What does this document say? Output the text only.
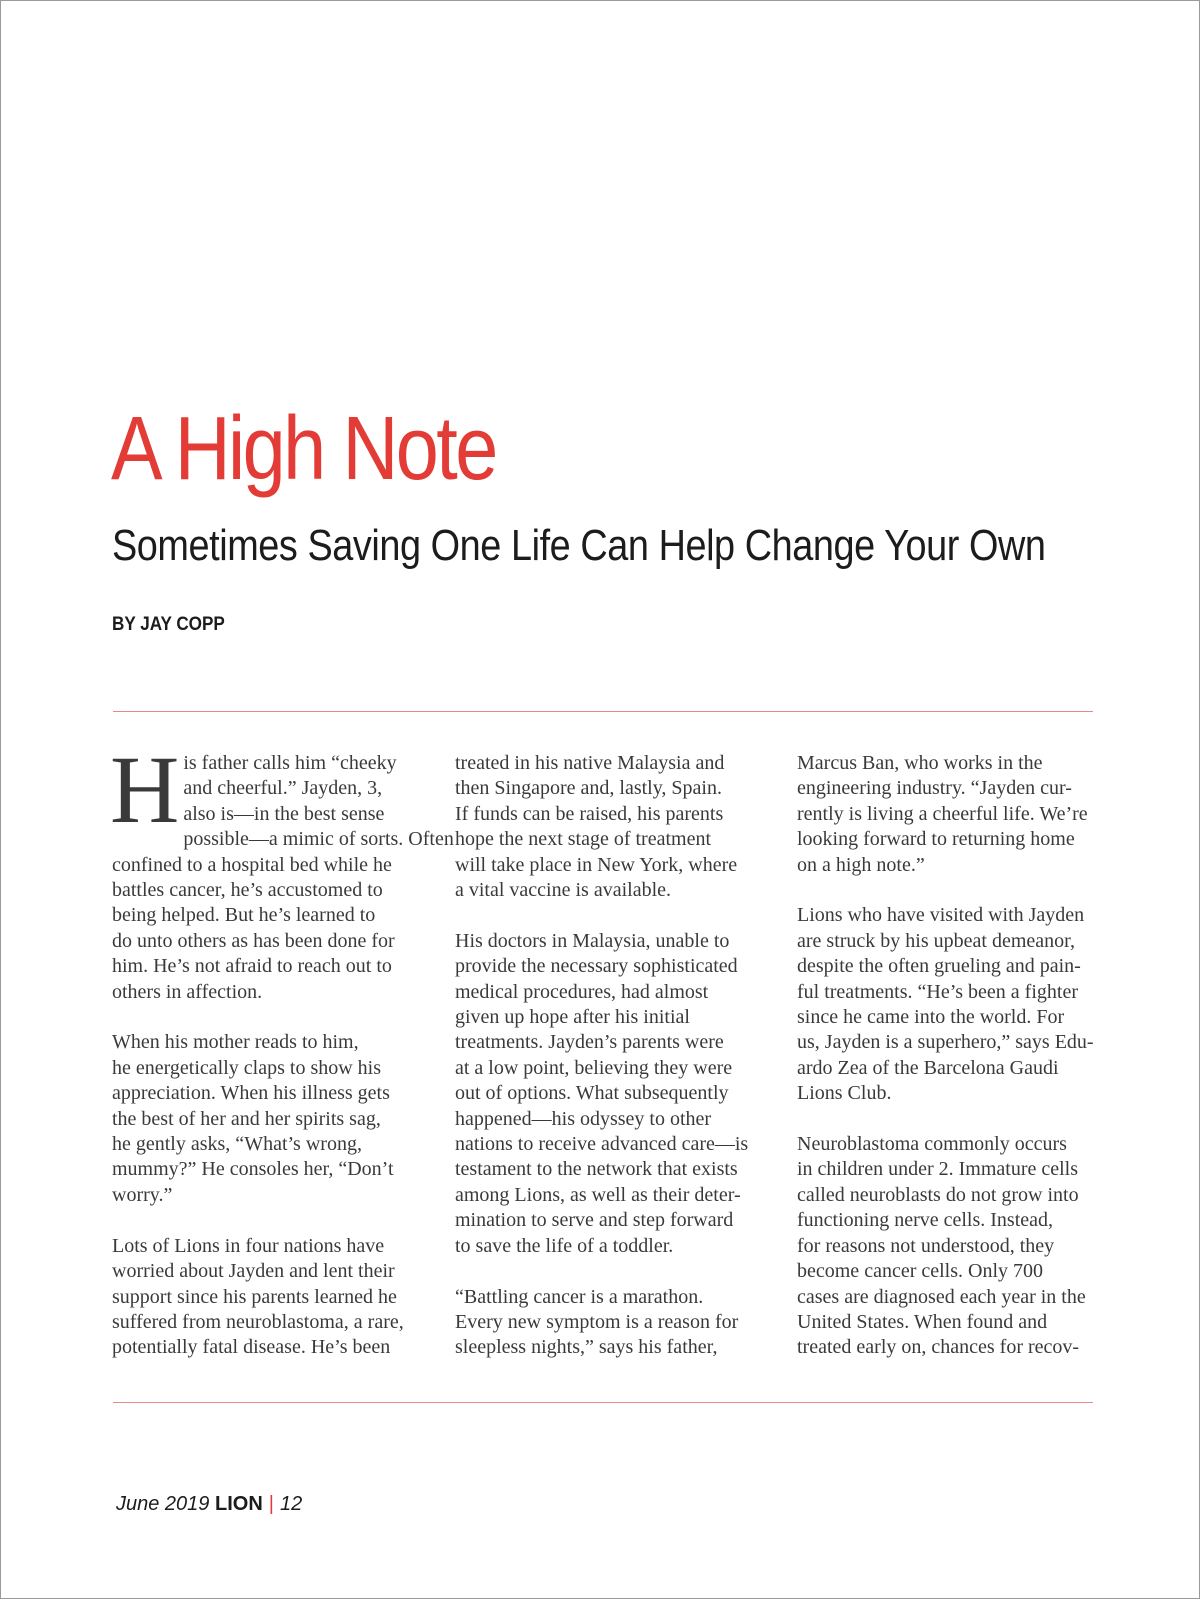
A High Note
Sometimes Saving One Life Can Help Change Your Own
BY JAY COPP

H is father calls him “cheeky
and cheerful.” Jayden, 3,
also is—in the best sense
possible—a mimic of sorts. Often
confined to a hospital bed while he
battles cancer, he’s accustomed to
being helped. But he’s learned to
do unto others as has been done for
him. He’s not afraid to reach out to
others in affection.

When his mother reads to him,
he energetically claps to show his
appreciation. When his illness gets
the best of her and her spirits sag,
he gently asks, “What’s wrong,
mummy?” He consoles her, “Don’t
worry.”

Lots of Lions in four nations have
worried about Jayden and lent their
support since his parents learned he
suffered from neuroblastoma, a rare,
potentially fatal disease. He’s been

treated in his native Malaysia and
then Singapore and, lastly, Spain.
If funds can be raised, his parents
hope the next stage of treatment
will take place in New York, where
a vital vaccine is available.

His doctors in Malaysia, unable to
provide the necessary sophisticated
medical procedures, had almost
given up hope after his initial
treatments. Jayden’s parents were
at a low point, believing they were
out of options. What subsequently
happened—his odyssey to other
nations to receive advanced care—is
testament to the network that exists
among Lions, as well as their deter-
mination to serve and step forward
to save the life of a toddler.

“Battling cancer is a marathon.
Every new symptom is a reason for
sleepless nights,” says his father,

Marcus Ban, who works in the
engineering industry. “Jayden cur-
rently is living a cheerful life. We’re
looking forward to returning home
on a high note.”

Lions who have visited with Jayden
are struck by his upbeat demeanor,
despite the often grueling and pain-
ful treatments. “He’s been a fighter
since he came into the world. For
us, Jayden is a superhero,” says Edu-
ardo Zea of the Barcelona Gaudi
Lions Club.

Neuroblastoma commonly occurs
in children under 2. Immature cells
called neuroblasts do not grow into
functioning nerve cells. Instead,
for reasons not understood, they
become cancer cells. Only 700
cases are diagnosed each year in the
United States. When found and
treated early on, chances for recov-

June 2019 LION | 12
